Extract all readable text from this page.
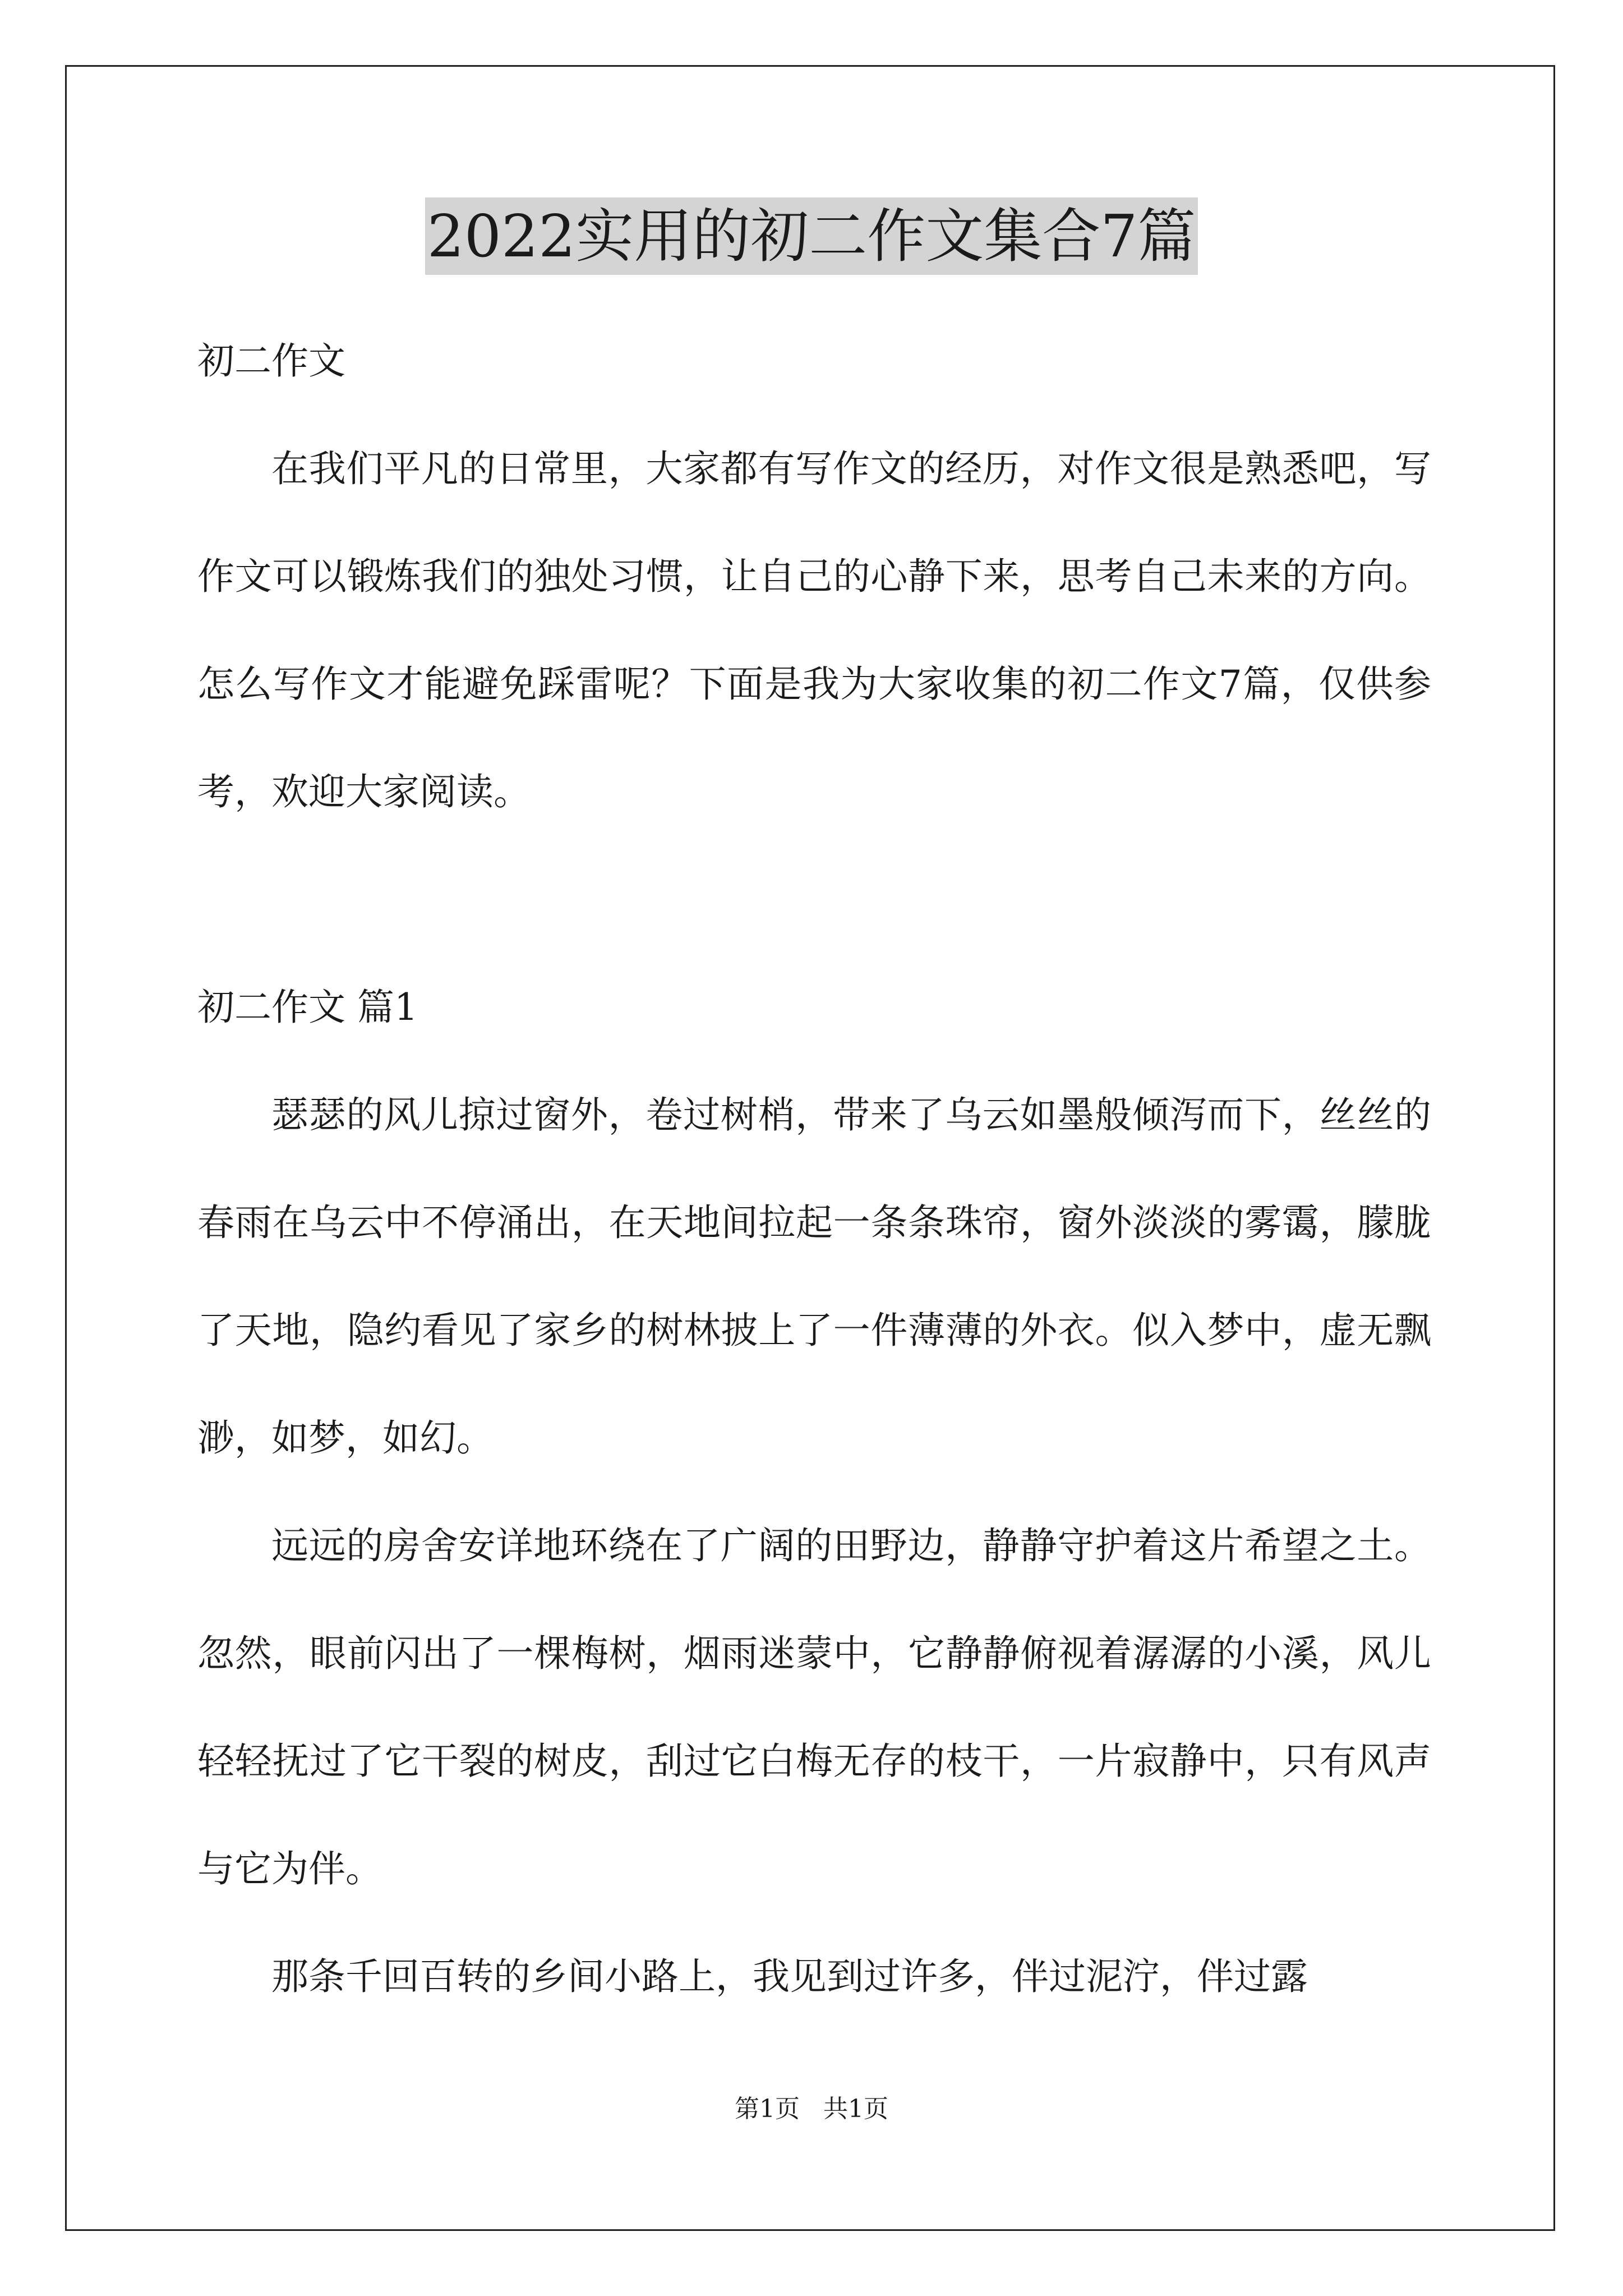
2022实用的初二作文集合7篇

初二作文

在我们平凡的日常里，大家都有写作文的经历，对作文很是熟悉吧，写作文可以锻炼我们的独处习惯，让自己的心静下来，思考自己未来的方向。怎么写作文才能避免踩雷呢？下面是我为大家收集的初二作文7篇，仅供参考，欢迎大家阅读。

初二作文 篇1

瑟瑟的风儿掠过窗外，卷过树梢，带来了乌云如墨般倾泻而下，丝丝的春雨在乌云中不停涌出，在天地间拉起一条条珠帘，窗外淡淡的雾霭，朦胧了天地，隐约看见了家乡的树林披上了一件薄薄的外衣。似入梦中，虚无飘渺，如梦，如幻。

远远的房舍安详地环绕在了广阔的田野边，静静守护着这片希望之土。忽然，眼前闪出了一棵梅树，烟雨迷蒙中，它静静俯视着潺潺的小溪，风儿轻轻抚过了它干裂的树皮，刮过它白梅无存的枝干，一片寂静中，只有风声与它为伴。

那条千回百转的乡间小路上，我见到过许多，伴过泥泞，伴过露

第1页   共1页
